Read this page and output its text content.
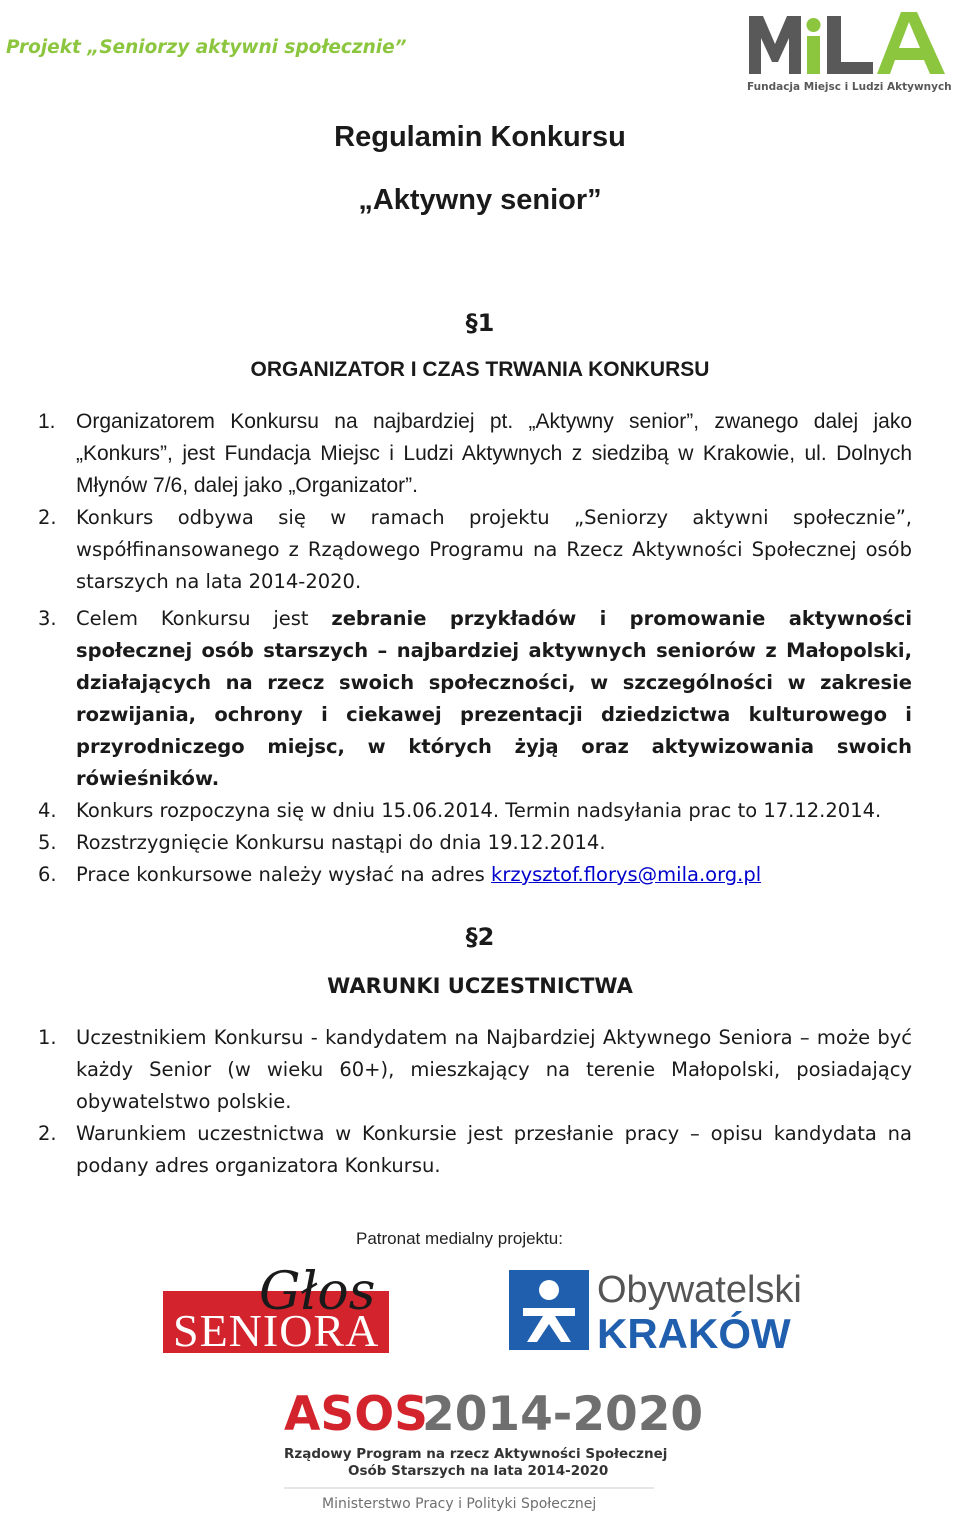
Projekt „Seniorzy aktywni społecznie”
Fundacja Miejsc i Ludzi Aktywnych
Regulamin Konkursu
„Aktywny senior”
§1
ORGANIZATOR I CZAS TRWANIA KONKURSU
1. Organizatorem Konkursu na najbardziej pt. „Aktywny senior”, zwanego dalej jako „Konkurs”, jest Fundacja Miejsc i Ludzi Aktywnych z siedzibą w Krakowie, ul. Dolnych Młynów 7/6, dalej jako „Organizator”.
2. Konkurs odbywa się w ramach projektu „Seniorzy aktywni społecznie”, współfinansowanego z Rządowego Programu na Rzecz Aktywności Społecznej osób starszych na lata 2014-2020.
3. Celem Konkursu jest zebranie przykładów i promowanie aktywności społecznej osób starszych – najbardziej aktywnych seniorów z Małopolski, działających na rzecz swoich społeczności, w szczególności w zakresie rozwijania, ochrony i ciekawej prezentacji dziedzictwa kulturowego i przyrodniczego miejsc, w których żyją oraz aktywizowania swoich rówieśników.
4. Konkurs rozpoczyna się w dniu 15.06.2014. Termin nadsyłania prac to 17.12.2014.
5. Rozstrzygnięcie Konkursu nastąpi do dnia 19.12.2014.
6. Prace konkursowe należy wysłać na adres krzysztof.florys@mila.org.pl
§2
WARUNKI UCZESTNICTWA
1. Uczestnikiem Konkursu - kandydatem na Najbardziej Aktywnego Seniora – może być każdy Senior (w wieku 60+), mieszkający na terenie Małopolski, posiadający obywatelstwo polskie.
2. Warunkiem uczestnictwa w Konkursie jest przesłanie pracy – opisu kandydata na podany adres organizatora Konkursu.
Patronat medialny projektu:
Głos
SENIORA
Obywatelski
KRAKÓW
ASOS
2014-2020
Rządowy Program na rzecz Aktywności Społecznej
Osób Starszych na lata 2014-2020
Ministerstwo Pracy i Polityki Społecznej
